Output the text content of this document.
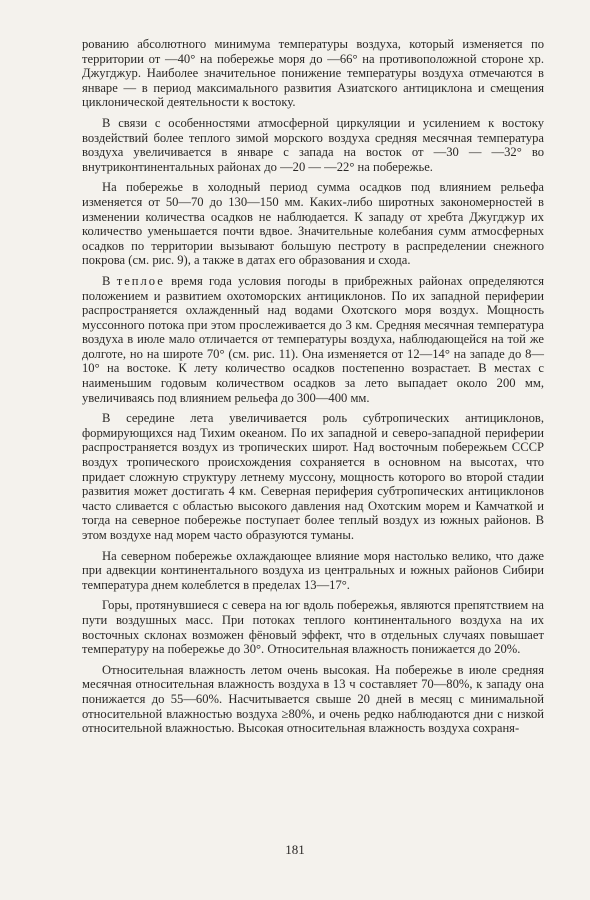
рованию абсолютного минимума температуры воздуха, который изменяется по территории от —40° на побережье моря до —66° на противоположной стороне хр. Джугджур. Наиболее значительное понижение температуры воздуха отмечаются в январе — в период максимального развития Азиатского антициклона и смещения циклонической деятельности к востоку.

В связи с особенностями атмосферной циркуляции и усилением к востоку воздействий более теплого зимой морского воздуха средняя месячная температура воздуха увеличивается в январе с запада на восток от —30 — —32° во внутриконтинентальных районах до —20 — —22° на побережье.

На побережье в холодный период сумма осадков под влиянием рельефа изменяется от 50—70 до 130—150 мм. Каких-либо широтных закономерностей в изменении количества осадков не наблюдается. К западу от хребта Джугджур их количество уменьшается почти вдвое. Значительные колебания сумм атмосферных осадков по территории вызывают большую пестроту в распределении снежного покрова (см. рис. 9), а также в датах его образования и схода.

В теплое время года условия погоды в прибрежных районах определяются положением и развитием охотоморских антициклонов. По их западной периферии распространяется охлажденный над водами Охотского моря воздух. Мощность муссонного потока при этом прослеживается до 3 км. Средняя месячная температура воздуха в июле мало отличается от температуры воздуха, наблюдающейся на той же долготе, но на широте 70° (см. рис. 11). Она изменяется от 12—14° на западе до 8—10° на востоке. К лету количество осадков постепенно возрастает. В местах с наименьшим годовым количеством осадков за лето выпадает около 200 мм, увеличиваясь под влиянием рельефа до 300—400 мм.

В середине лета увеличивается роль субтропических антициклонов, формирующихся над Тихим океаном. По их западной и северо-западной периферии распространяется воздух из тропических широт. Над восточным побережьем СССР воздух тропического происхождения сохраняется в основном на высотах, что придает сложную структуру летнему муссону, мощность которого во второй стадии развития может достигать 4 км. Северная периферия субтропических антициклонов часто сливается с областью высокого давления над Охотским морем и Камчаткой и тогда на северное побережье поступает более теплый воздух из южных районов. В этом воздухе над морем часто образуются туманы.

На северном побережье охлаждающее влияние моря настолько велико, что даже при адвекции континентального воздуха из центральных и южных районов Сибири температура днем колеблется в пределах 13—17°.

Горы, протянувшиеся с севера на юг вдоль побережья, являются препятствием на пути воздушных масс. При потоках теплого континентального воздуха на их восточных склонах возможен фёновый эффект, что в отдельных случаях повышает температуру на побережье до 30°. Относительная влажность понижается до 20%.

Относительная влажность летом очень высокая. На побережье в июле средняя месячная относительная влажность воздуха в 13 ч составляет 70—80%, к западу она понижается до 55—60%. Насчитывается свыше 20 дней в месяц с минимальной относительной влажностью воздуха ≥80%, и очень редко наблюдаются дни с низкой относительной влажностью. Высокая относительная влажность воздуха сохраня-

181
